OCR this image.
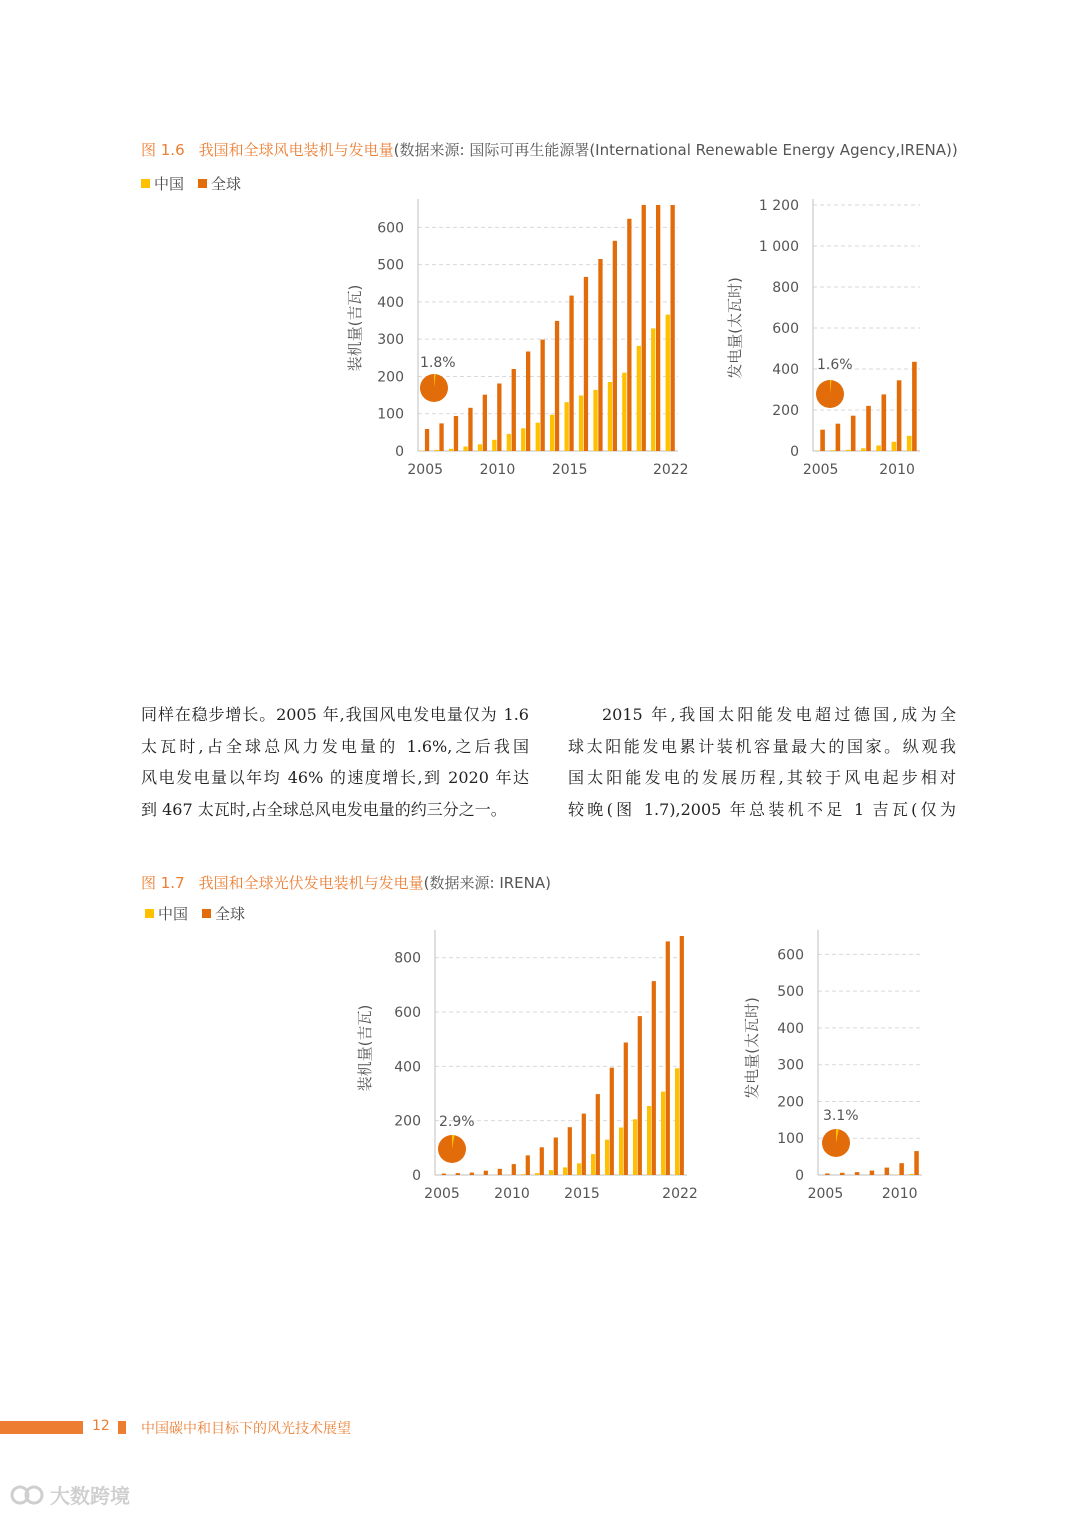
图 1.6 我国和全球风电装机与发电量(数据来源: 国际可再生能源署(International Renewable Energy Agency,IRENA))
中国 全球
0
100
200
300
400
500
600
2005	2010	2015	2022
装机量(吉瓦)	1.8%
0
200
400
600
800
1 000
1 200
2005	2010
发电量(太瓦时)	1.6%

同样在稳步增长。2005 年,我国风电发电量仅为 1.6

太瓦时,占全球总风力发电量的 1.6%,之后我国

风电发电量以年均 46% 的速度增长,到 2020 年达

到 467 太瓦时,占全球总风电发电量的约三分之一。

2015 年,我国太阳能发电超过德国,成为全

球太阳能发电累计装机容量最大的国家。纵观我

国太阳能发电的发展历程,其较于风电起步相对

较晚(图 1.7),2005 年总装机不足 1 吉瓦(仅为

图 1.7 我国和全球光伏发电装机与发电量(数据来源: IRENA)
中国 全球
0
200
400
600
800
2005 2010 2015	2022
装机量(吉瓦)
2.9%
0
100
200
300
400
500
600
2005	2010
发电量(太瓦时)
3.1%
12 中国碳中和目标下的风光技术展望
大数跨境
